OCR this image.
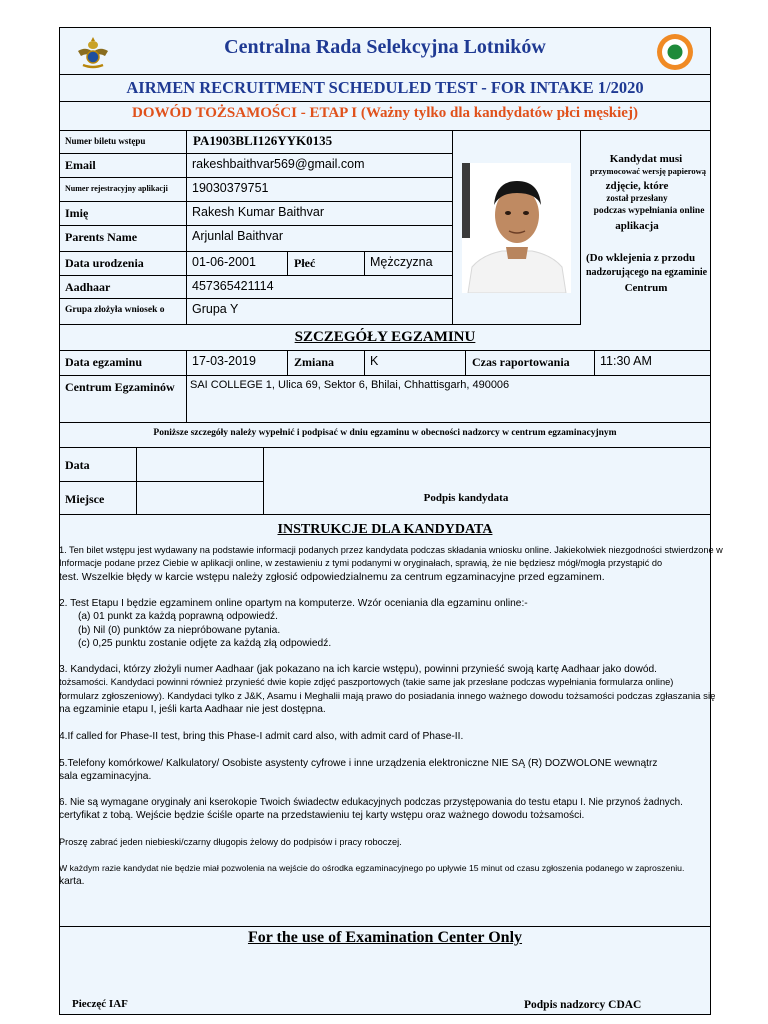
Centralna Rada Selekcyjna Lotników
AIRMEN RECRUITMENT SCHEDULED TEST - FOR INTAKE 1/2020
DOWÓD TOŻSAMOŚCI - ETAP I (Ważny tylko dla kandydatów płci męskiej)
Numer biletu wstępu	PA1903BLI126YYK0135
Email	rakeshbaithvar569@gmail.com
Numer rejestracyjny aplikacji	19030379751
Imię	Rakesh Kumar Baithvar
Parents Name	Arjunlal Baithvar
Data urodzenia	01-06-2001	Płeć	Mężczyzna
Aadhaar	457365421114
Grupa złożyła wniosek o	Grupa Y
Kandydat musi
przymocować wersję papierową
zdjęcie, które
został przesłany
podczas wypełniania online
aplikacja
(Do wklejenia z przodu
nadzorującego na egzaminie
Centrum
SZCZEGÓŁY EGZAMINU
Data egzaminu	17-03-2019	Zmiana	K	Czas raportowania	11:30 AM
Centrum Egzaminów	SAI COLLEGE 1, Ulica 69, Sektor 6, Bhilai, Chhattisgarh, 490006
Poniższe szczegóły należy wypełnić i podpisać w dniu egzaminu w obecności nadzorcy w centrum egzaminacyjnym
Data
Miejsce	Podpis kandydata
INSTRUKCJE DLA KANDYDATA

1. Ten bilet wstępu jest wydawany na podstawie informacji podanych przez kandydata podczas składania wniosku online. Jakiekolwiek niezgodności stwierdzone w

Informacje podane przez Ciebie w aplikacji online, w zestawieniu z tymi podanymi w oryginałach, sprawią, że nie będziesz mógł/mogła przystąpić do

test. Wszelkie błędy w karcie wstępu należy zgłosić odpowiedzialnemu za centrum egzaminacyjne przed egzaminem.

2. Test Etapu I będzie egzaminem online opartym na komputerze. Wzór oceniania dla egzaminu online:-

(a) 01 punkt za każdą poprawną odpowiedź.

(b) Nil (0) punktów za niepróbowane pytania.

(c) 0,25 punktu zostanie odjęte za każdą złą odpowiedź.

3. Kandydaci, którzy złożyli numer Aadhaar (jak pokazano na ich karcie wstępu), powinni przynieść swoją kartę Aadhaar jako dowód.

tożsamości. Kandydaci powinni również przynieść dwie kopie zdjęć paszportowych (takie same jak przesłane podczas wypełniania formularza online)

formularz zgłoszeniowy). Kandydaci tylko z J&K, Asamu i Meghalii mają prawo do posiadania innego ważnego dowodu tożsamości podczas zgłaszania się

na egzaminie etapu I, jeśli karta Aadhaar nie jest dostępna.

4.If called for Phase-II test, bring this Phase-I admit card also, with admit card of Phase-II.

5.Telefony komórkowe/ Kalkulatory/ Osobiste asystenty cyfrowe i inne urządzenia elektroniczne NIE SĄ (R) DOZWOLONE wewnątrz

sala egzaminacyjna.

6. Nie są wymagane oryginały ani kserokopie Twoich świadectw edukacyjnych podczas przystępowania do testu etapu I. Nie przynoś żadnych.

certyfikat z tobą. Wejście będzie ściśle oparte na przedstawieniu tej karty wstępu oraz ważnego dowodu tożsamości.

Proszę zabrać jeden niebieski/czarny długopis żelowy do podpisów i pracy roboczej.

W każdym razie kandydat nie będzie miał pozwolenia na wejście do ośrodka egzaminacyjnego po upływie 15 minut od czasu zgłoszenia podanego w zaproszeniu.

karta.

For the use of Examination Center Only
Pieczęć IAF	Podpis nadzorcy CDAC
